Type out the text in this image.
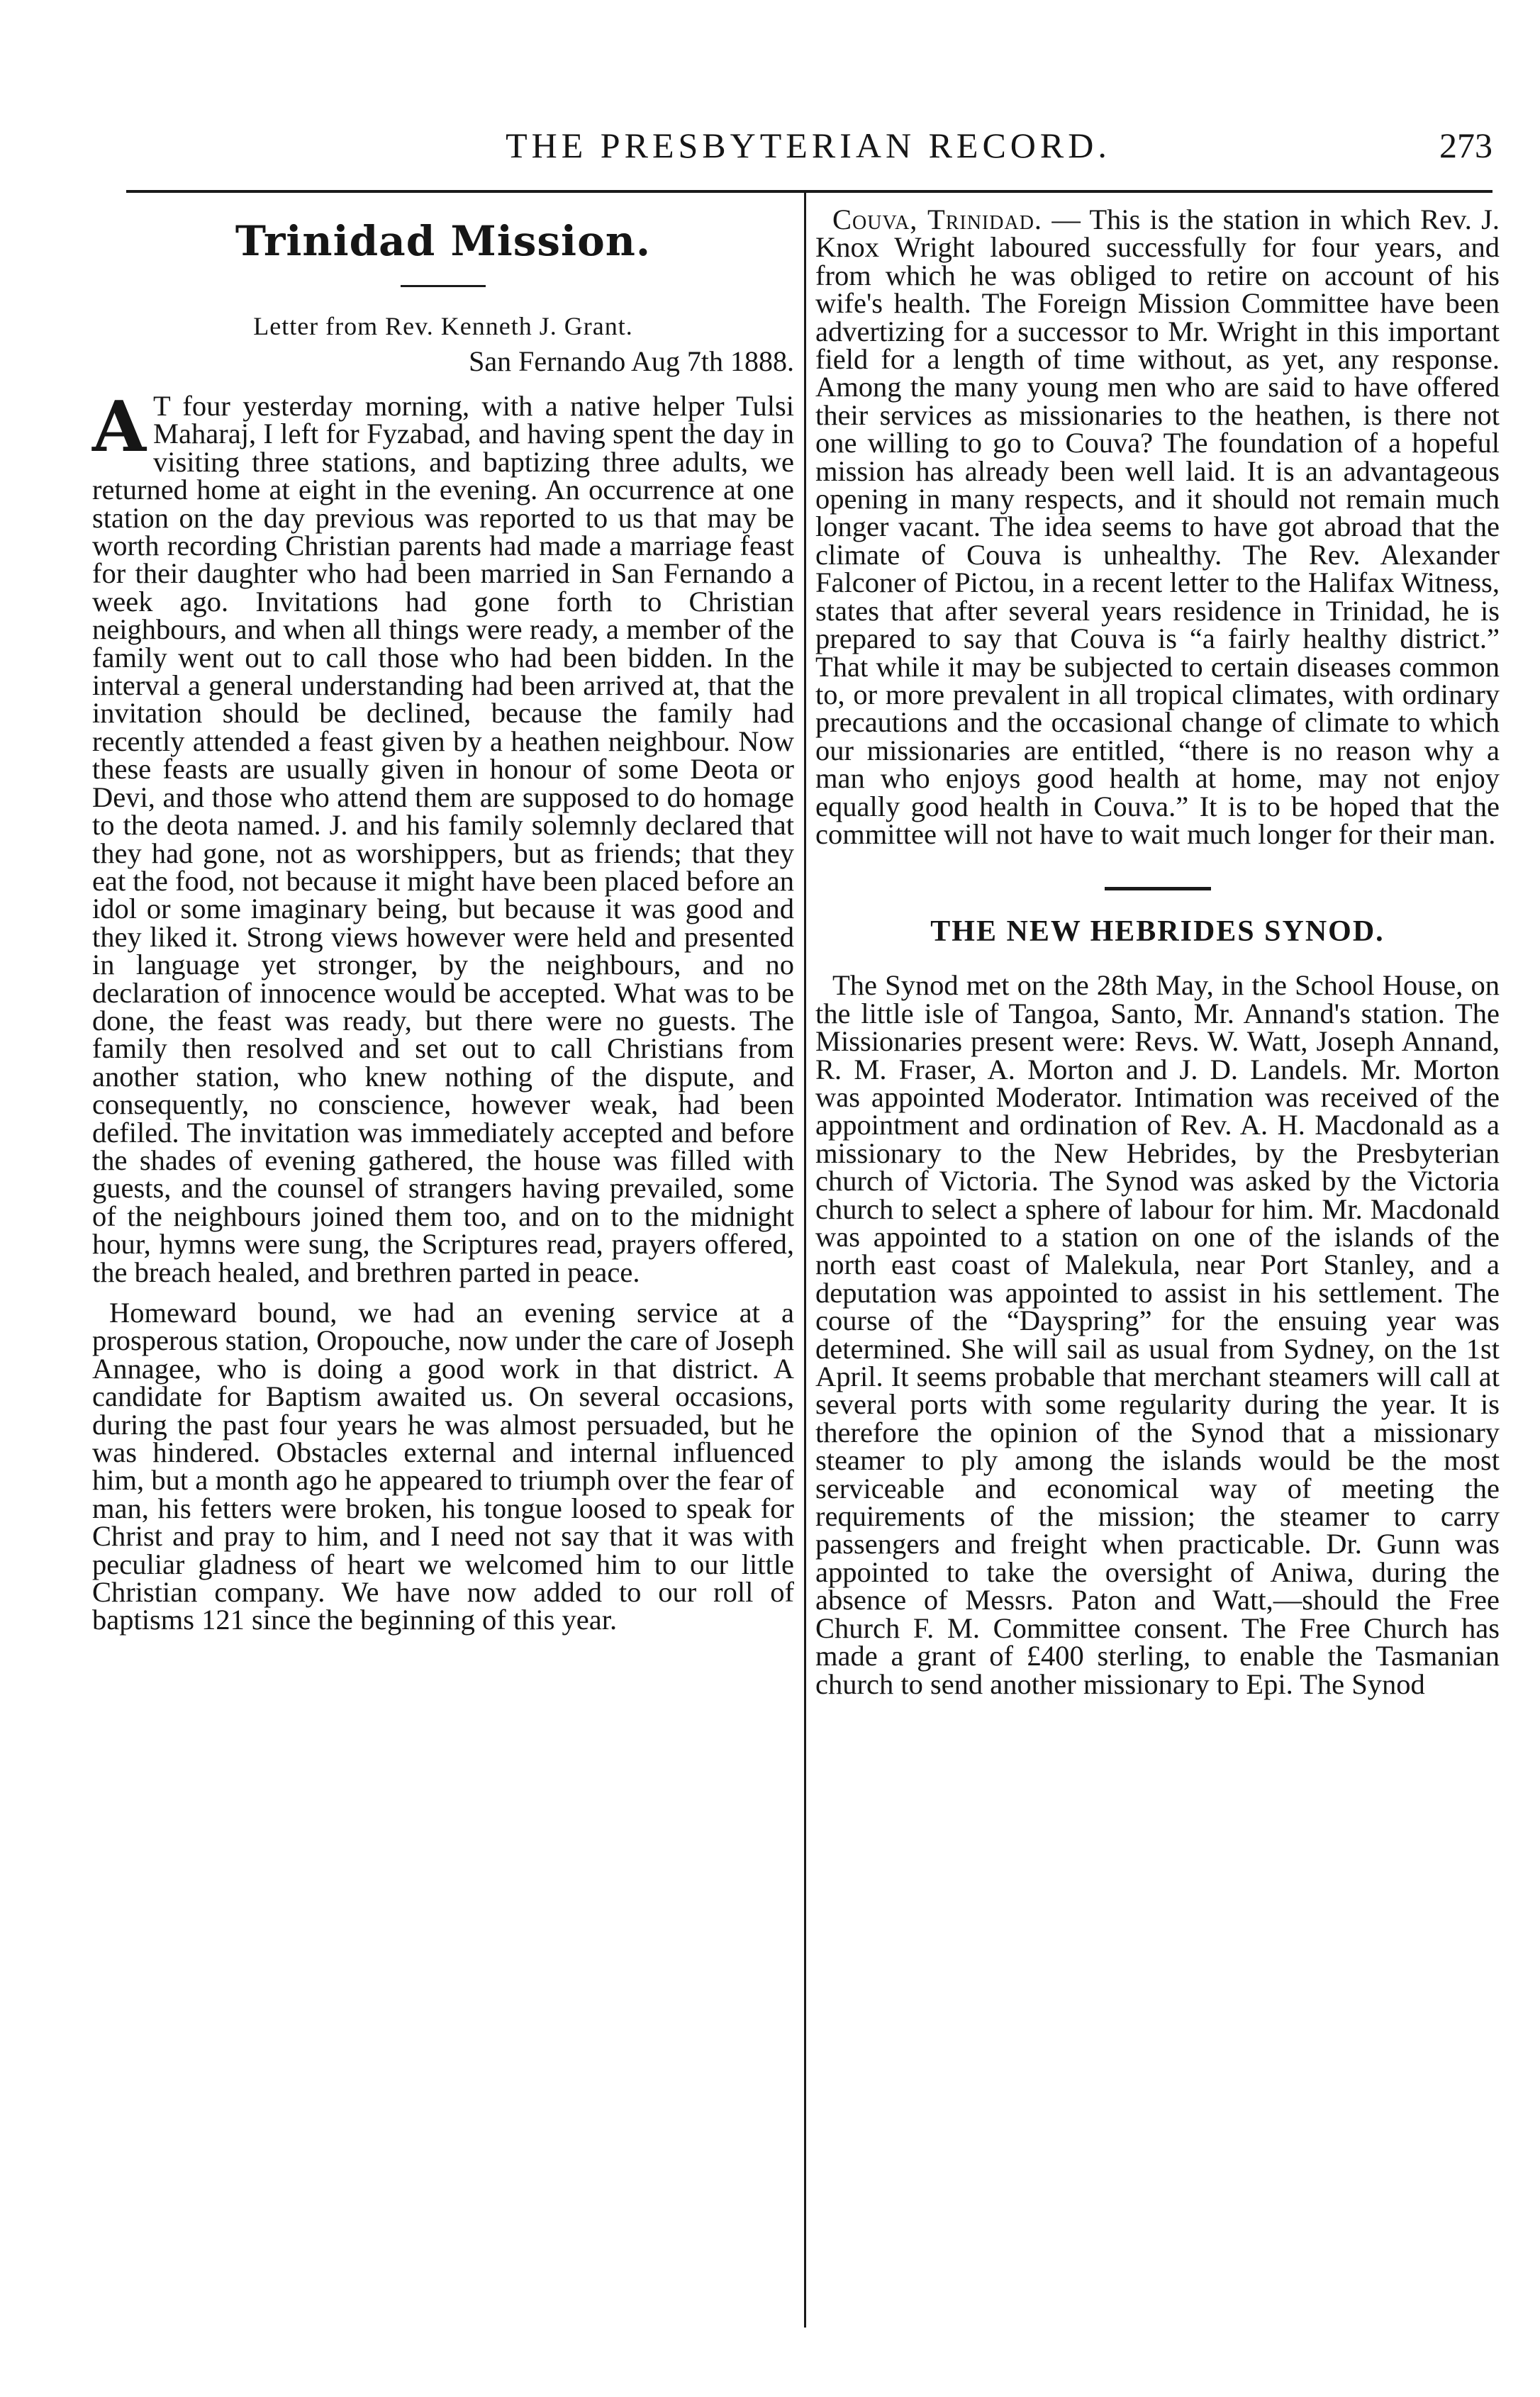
THE PRESBYTERIAN RECORD.	273
Trinidad Mission.

Letter from Rev. Kenneth J. Grant.

San Fernando Aug 7th 1888.

A T four yesterday morning, with a native helper Tulsi Maharaj, I left for Fyzabad, and having spent the day in visiting three stations, and baptizing three adults, we returned home at eight in the evening. An occurrence at one station on the day previous was reported to us that may be worth recording Christian parents had made a marriage feast for their daughter who had been married in San Fernando a week ago. Invitations had gone forth to Christian neighbours, and when all things were ready, a member of the family went out to call those who had been bidden. In the interval a general understanding had been arrived at, that the invitation should be declined, because the family had recently attended a feast given by a heathen neighbour. Now these feasts are usually given in honour of some Deota or Devi, and those who attend them are supposed to do homage to the deota named. J. and his family solemnly declared that they had gone, not as worshippers, but as friends; that they eat the food, not because it might have been placed before an idol or some imaginary being, but because it was good and they liked it. Strong views however were held and presented in language yet stronger, by the neighbours, and no declaration of innocence would be accepted. What was to be done, the feast was ready, but there were no guests. The family then resolved and set out to call Christians from another station, who knew nothing of the dispute, and consequently, no conscience, however weak, had been defiled. The invitation was immediately accepted and before the shades of evening gathered, the house was filled with guests, and the counsel of strangers having prevailed, some of the neighbours joined them too, and on to the midnight hour, hymns were sung, the Scriptures read, prayers offered, the breach healed, and brethren parted in peace.

Homeward bound, we had an evening service at a prosperous station, Oropouche, now under the care of Joseph Annagee, who is doing a good work in that district. A candidate for Baptism awaited us. On several occasions, during the past four years he was almost persuaded, but he was hindered. Obstacles external and internal influenced him, but a month ago he appeared to triumph over the fear of man, his fetters were broken, his tongue loosed to speak for Christ and pray to him, and I need not say that it was with peculiar gladness of heart we welcomed him to our little Christian company. We have now added to our roll of baptisms 121 since the beginning of this year.

Couva, Trinidad. — This is the station in which Rev. J. Knox Wright laboured successfully for four years, and from which he was obliged to retire on account of his wife's health. The Foreign Mission Committee have been advertizing for a successor to Mr. Wright in this important field for a length of time without, as yet, any response. Among the many young men who are said to have offered their services as missionaries to the heathen, is there not one willing to go to Couva? The foundation of a hopeful mission has already been well laid. It is an advantageous opening in many respects, and it should not remain much longer vacant. The idea seems to have got abroad that the climate of Couva is unhealthy. The Rev. Alexander Falconer of Pictou, in a recent letter to the Halifax Witness, states that after several years residence in Trinidad, he is prepared to say that Couva is “a fairly healthy district.” That while it may be subjected to certain diseases common to, or more prevalent in all tropical climates, with ordinary precautions and the occasional change of climate to which our missionaries are entitled, “there is no reason why a man who enjoys good health at home, may not enjoy equally good health in Couva.” It is to be hoped that the committee will not have to wait much longer for their man.

THE NEW HEBRIDES SYNOD.

The Synod met on the 28th May, in the School House, on the little isle of Tangoa, Santo, Mr. Annand's station. The Missionaries present were: Revs. W. Watt, Joseph Annand, R. M. Fraser, A. Morton and J. D. Landels. Mr. Morton was appointed Moderator. Intimation was received of the appointment and ordination of Rev. A. H. Macdonald as a missionary to the New Hebrides, by the Presbyterian church of Victoria. The Synod was asked by the Victoria church to select a sphere of labour for him. Mr. Macdonald was appointed to a station on one of the islands of the north east coast of Malekula, near Port Stanley, and a deputation was appointed to assist in his settlement. The course of the “Dayspring” for the ensuing year was determined. She will sail as usual from Sydney, on the 1st April. It seems probable that merchant steamers will call at several ports with some regularity during the year. It is therefore the opinion of the Synod that a missionary steamer to ply among the islands would be the most serviceable and economical way of meeting the requirements of the mission; the steamer to carry passengers and freight when practicable. Dr. Gunn was appointed to take the oversight of Aniwa, during the absence of Messrs. Paton and Watt,—should the Free Church F. M. Committee consent. The Free Church has made a grant of £400 sterling, to enable the Tasmanian church to send another missionary to Epi. The Synod
